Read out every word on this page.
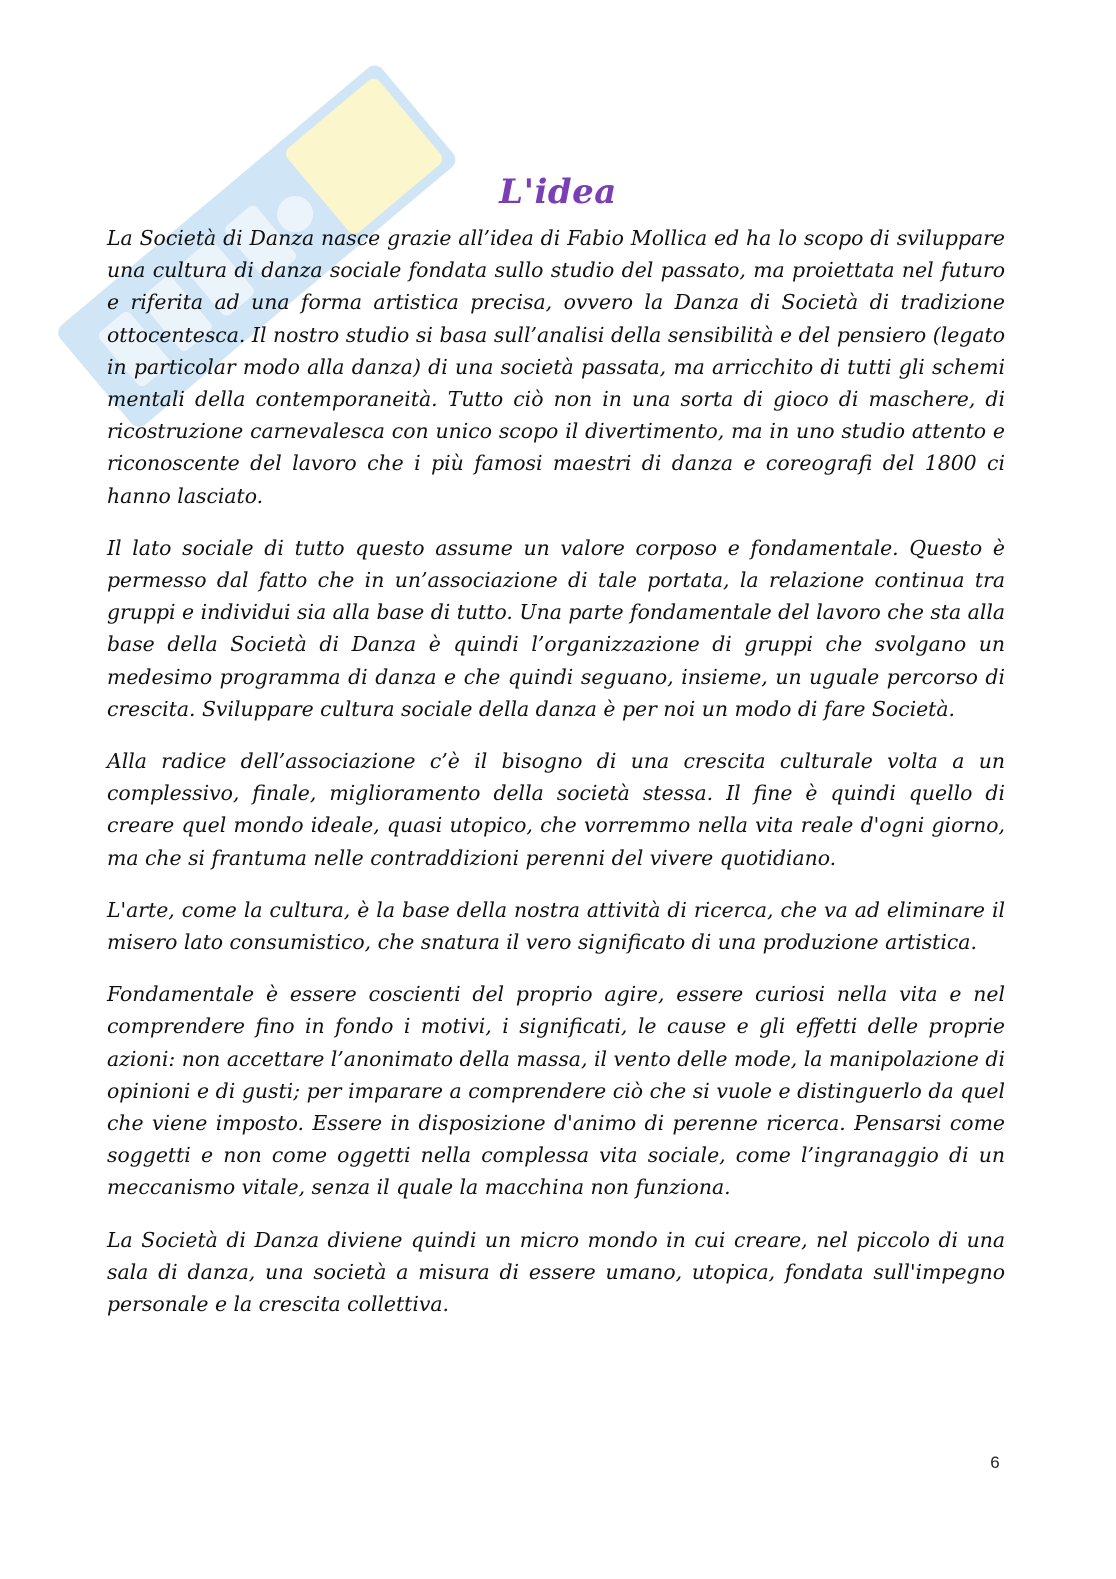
L'idea

La Società di Danza nasce grazie all’idea di Fabio Mollica ed ha lo scopo di sviluppare una cultura di danza sociale fondata sullo studio del passato, ma proiettata nel futuro e riferita ad una forma artistica precisa, ovvero la Danza di Società di tradizione ottocentesca. Il nostro studio si basa sull’analisi della sensibilità e del pensiero (legato in particolar modo alla danza) di una società passata, ma arricchito di tutti gli schemi mentali della contemporaneità. Tutto ciò non in una sorta di gioco di maschere, di ricostruzione carnevalesca con unico scopo il divertimento, ma in uno studio attento e riconoscente del lavoro che i più famosi maestri di danza e coreografi del 1800 ci hanno lasciato.

Il lato sociale di tutto questo assume un valore corposo e fondamentale. Questo è permesso dal fatto che in un’associazione di tale portata, la relazione continua tra gruppi e individui sia alla base di tutto. Una parte fondamentale del lavoro che sta alla base della Società di Danza è quindi l’organizzazione di gruppi che svolgano un medesimo programma di danza e che quindi seguano, insieme, un uguale percorso di crescita. Sviluppare cultura sociale della danza è per noi un modo di fare Società.

Alla radice dell’associazione c’è il bisogno di una crescita culturale volta a un complessivo, finale, miglioramento della società stessa. Il fine è quindi quello di creare quel mondo ideale, quasi utopico, che vorremmo nella vita reale d'ogni giorno, ma che si frantuma nelle contraddizioni perenni del vivere quotidiano.

L'arte, come la cultura, è la base della nostra attività di ricerca, che va ad eliminare il misero lato consumistico, che snatura il vero significato di una produzione artistica.

Fondamentale è essere coscienti del proprio agire, essere curiosi nella vita e nel comprendere fino in fondo i motivi, i significati, le cause e gli effetti delle proprie azioni: non accettare l’anonimato della massa, il vento delle mode, la manipolazione di opinioni e di gusti; per imparare a comprendere ciò che si vuole e distinguerlo da quel che viene imposto. Essere in disposizione d'animo di perenne ricerca. Pensarsi come soggetti e non come oggetti nella complessa vita sociale, come l’ingranaggio di un meccanismo vitale, senza il quale la macchina non funziona.

La Società di Danza diviene quindi un micro mondo in cui creare, nel piccolo di una sala di danza, una società a misura di essere umano, utopica, fondata sull'impegno personale e la crescita collettiva.

6
